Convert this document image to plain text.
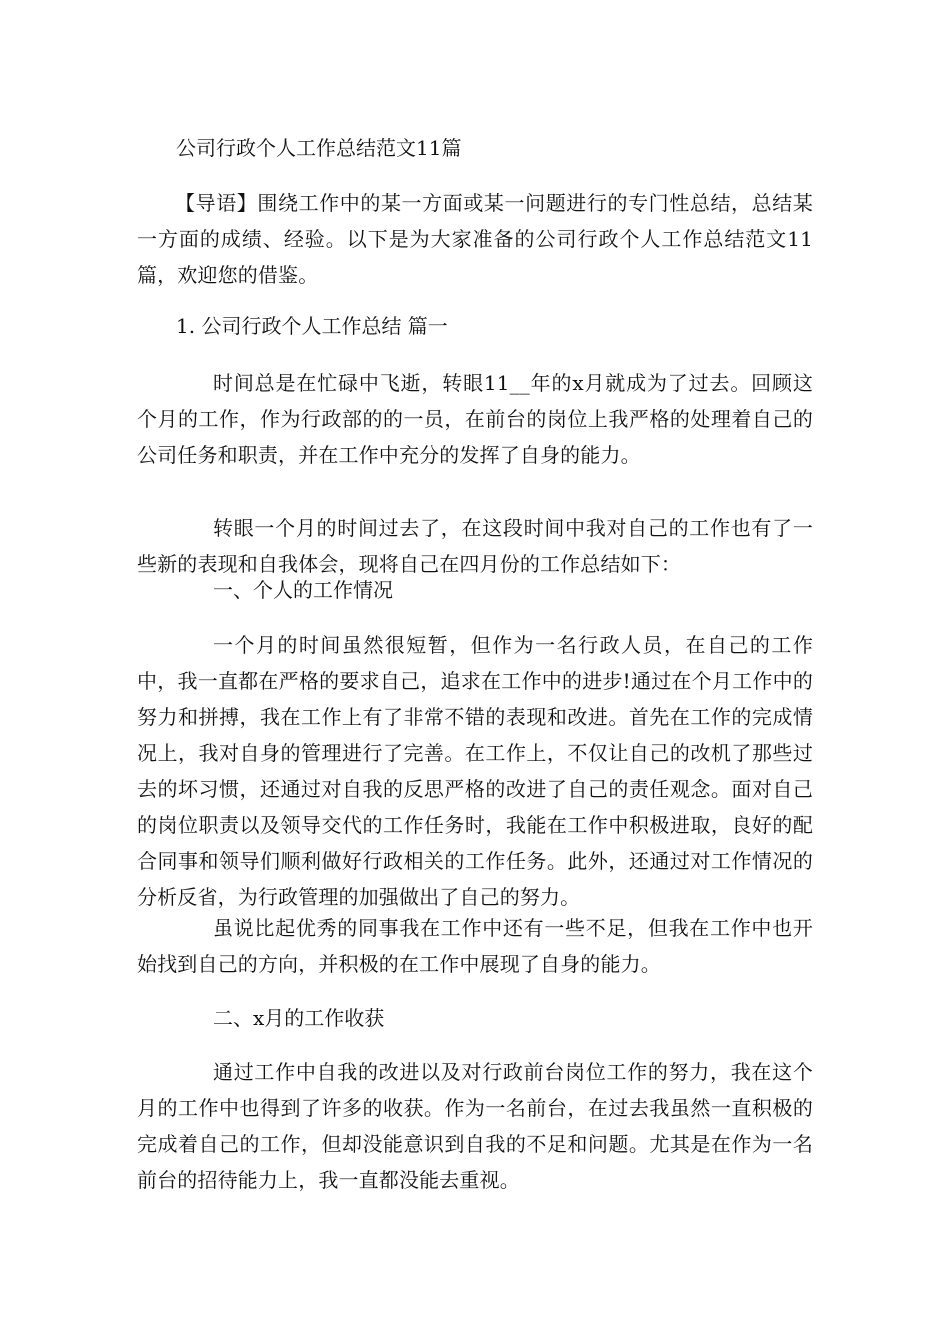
公司行政个人工作总结范文11篇

【导语】围绕工作中的某一方面或某一问题进行的专门性总结，总结某一方面的成绩、经验。以下是为大家准备的公司行政个人工作总结范文11篇，欢迎您的借鉴。

1. 公司行政个人工作总结 篇一

时间总是在忙碌中飞逝，转眼11__年的x月就成为了过去。回顾这个月的工作，作为行政部的的一员，在前台的岗位上我严格的处理着自己的公司任务和职责，并在工作中充分的发挥了自身的能力。

转眼一个月的时间过去了，在这段时间中我对自己的工作也有了一些新的表现和自我体会，现将自己在四月份的工作总结如下：

一、个人的工作情况

一个月的时间虽然很短暂，但作为一名行政人员，在自己的工作中，我一直都在严格的要求自己，追求在工作中的进步!通过在个月工作中的努力和拼搏，我在工作上有了非常不错的表现和改进。首先在工作的完成情况上，我对自身的管理进行了完善。在工作上，不仅让自己的改机了那些过去的坏习惯，还通过对自我的反思严格的改进了自己的责任观念。面对自己的岗位职责以及领导交代的工作任务时，我能在工作中积极进取，良好的配合同事和领导们顺利做好行政相关的工作任务。此外，还通过对工作情况的分析反省，为行政管理的加强做出了自己的努力。

虽说比起优秀的同事我在工作中还有一些不足，但我在工作中也开始找到自己的方向，并积极的在工作中展现了自身的能力。

二、x月的工作收获

通过工作中自我的改进以及对行政前台岗位工作的努力，我在这个月的工作中也得到了许多的收获。作为一名前台，在过去我虽然一直积极的完成着自己的工作，但却没能意识到自我的不足和问题。尤其是在作为一名前台的招待能力上，我一直都没能去重视。
